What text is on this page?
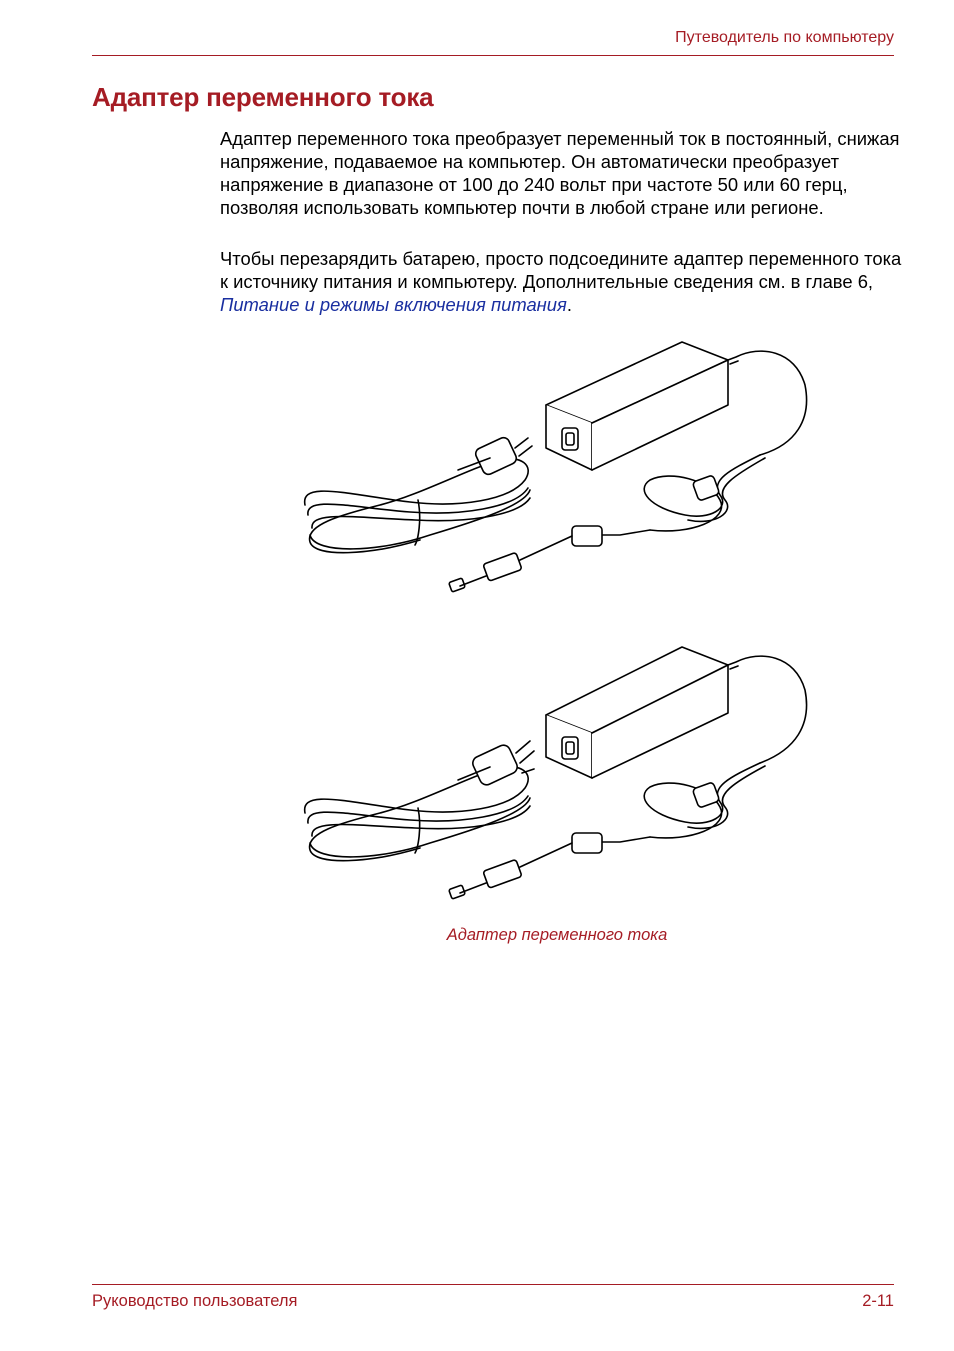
Путеводитель по компьютеру
Адаптер переменного тока

Адаптер переменного тока преобразует переменный ток в постоянный, снижая напряжение, подаваемое на компьютер. Он автоматически преобразует напряжение в диапазоне от 100 до 240 вольт при частоте 50 или 60 герц, позволяя использовать компьютер почти в любой стране или регионе.

Чтобы перезарядить батарею, просто подсоедините адаптер переменного тока к источнику питания и компьютеру. Дополнительные сведения см. в главе 6, Питание и режимы включения питания.

Адаптер переменного тока
Руководство пользователя	2-11
